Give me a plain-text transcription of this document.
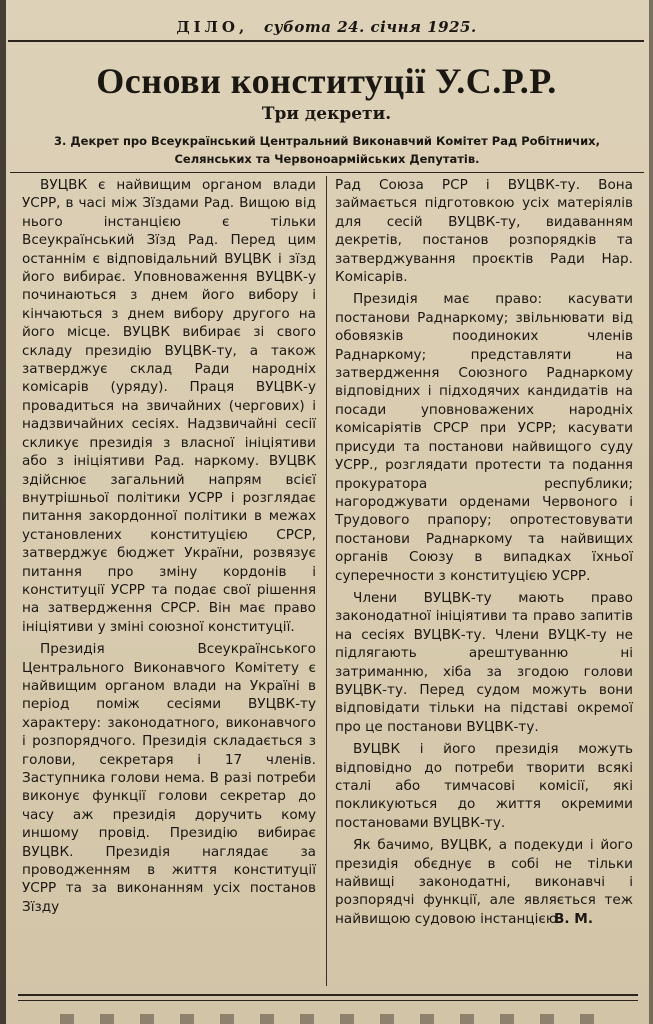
ДІЛО, субота 24. січня 1925.
Основи конституції У.С.Р.Р.
Три декрети.
3. Декрет про Всеукраїнський Центральний Виконавчий Комітет Рад Робітничих, Селянських та Червоноармійських Депутатів.

ВУЦВК є найвищим органом влади УСРР, в часі між Зїздами Рад. Вищою від нього інстанцією є тільки Всеукраїнський Зїзд Рад. Перед цим останнім є відповідальний ВУЦВК і зїзд його вибирає. Уповноваження ВУЦВК-у починаються з днем його вибору і кінчаються з днем вибору другого на його місце. ВУЦВК вибирає зі свого складу президію ВУЦВК-ту, а також затверджує склад Ради народніх комісарів (уряду). Праця ВУЦВК-у провадиться на звичайних (чергових) і надзвичайних сесіях. Надзвичайні сесії скликує президія з власної ініціятиви або з ініціятиви Рад. наркому. ВУЦВК здійснює загальний напрям всієї внутрішньої політики УСРР і розглядає питання закордонної політики в межах установлених конституцією СРСР, затверджує бюджет України, розвязує питання про зміну кордонів і конституції УСРР та подає свої рішення на затвердження СРСР. Він має право ініціятиви у зміні союзної конституції.

Президія Всеукраїнського Центрального Виконавчого Комітету є найвищим органом влади на Україні в період поміж сесіями ВУЦВК-ту характеру: законодатного, виконавчого і розпорядчого. Президія складається з голови, секретаря і 17 членів. Заступника голови нема. В разі потреби виконує функції голови секретар до часу аж президія доручить кому иншому провід. Президію вибирає ВУЦВК. Президія наглядає за проводженням в життя конституції УСРР та за виконанням усіх постанов Зїзду

Рад Союза РСР і ВУЦВК-ту. Вона займається підготовкою усіх матеріялів для сесій ВУЦВК-ту, видаванням декретів, постанов розпорядків та затверджування проєктів Ради Нар. Комісарів.

Президія має право: касувати постанови Раднаркому; звільнювати від обовязків поодиноких членів Раднаркому; представляти на затвердження Союзного Раднаркому відповідних і підходячих кандидатів на посади уповноважених народніх комісаріятів СРСР при УСРР; касувати присуди та постанови найвищого суду УСРР., розглядати протести та подання прокуратора республики; нагороджувати орденами Червоного і Трудового прапору; опротестовувати постанови Раднаркому та найвищих органів Союзу в випадках їхньої суперечности з конституцією УСРР.

Члени ВУЦВК-ту мають право законодатної ініціятиви та право запитів на сесіях ВУЦВК-ту. Члени ВУЦК-ту не підлягають арештуванню ні затриманню, хіба за згодою голови ВУЦВК-ту. Перед судом можуть вони відповідати тільки на підставі окремої про це постанови ВУЦВК-ту.

ВУЦВК і його президія можуть відповідно до потреби творити всякі сталі або тимчасові комісії, які покликуються до життя окремими постановами ВУЦВК-ту.

Як бачимо, ВУЦВК, а подекуди і його президія обєднує в собі не тільки найвищі законодатні, виконавчі і розпорядчі функції, але являється теж найвищою судовою інстанцією.

В. М.
